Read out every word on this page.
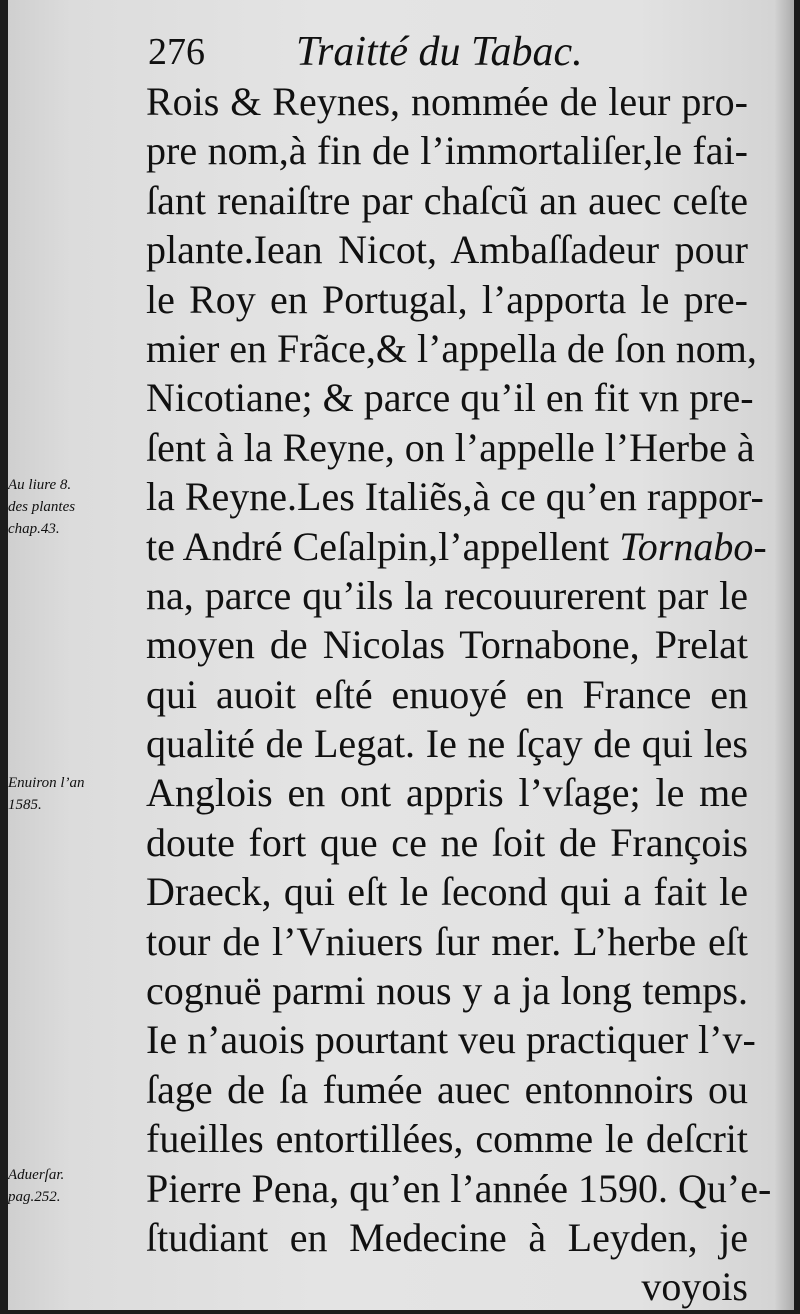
276 Traitté du Tabac.
Rois & Reynes, nommée de leur pro-
pre nom,à fin de l’immortaliſer,le fai-
ſant renaiſtre par chaſcũ an auec ceſte
plante.Iean Nicot, Ambaſſadeur pour
le Roy en Portugal, l’apporta le pre-
mier en Frãce,& l’appella de ſon nom,
Nicotiane; & parce qu’il en fit vn pre-
ſent à la Reyne, on l’appelle l’Herbe à
la Reyne.Les Italiẽs,à ce qu’en rappor-
te André Ceſalpin,l’appellent Tornabo-
na, parce qu’ils la recouurerent par le
moyen de Nicolas Tornabone, Prelat
qui auoit eſté enuoyé en France en
qualité de Legat. Ie ne ſçay de qui les
Anglois en ont appris l’vſage; le me
doute fort que ce ne ſoit de François
Draeck, qui eſt le ſecond qui a fait le
tour de l’Vniuers ſur mer. L’herbe eſt
cognuë parmi nous y a ja long temps.
Ie n’auois pourtant veu practiquer l’v-
ſage de ſa fumée auec entonnoirs ou
fueilles entortillées, comme le deſcrit
Pierre Pena, qu’en l’année 1590. Qu’e-
ſtudiant en Medecine à Leyden, je
voyois
Au liure 8.
des plantes
chap.43.
Enuiron l’an
1585.
Aduerſar.
pag.252.
